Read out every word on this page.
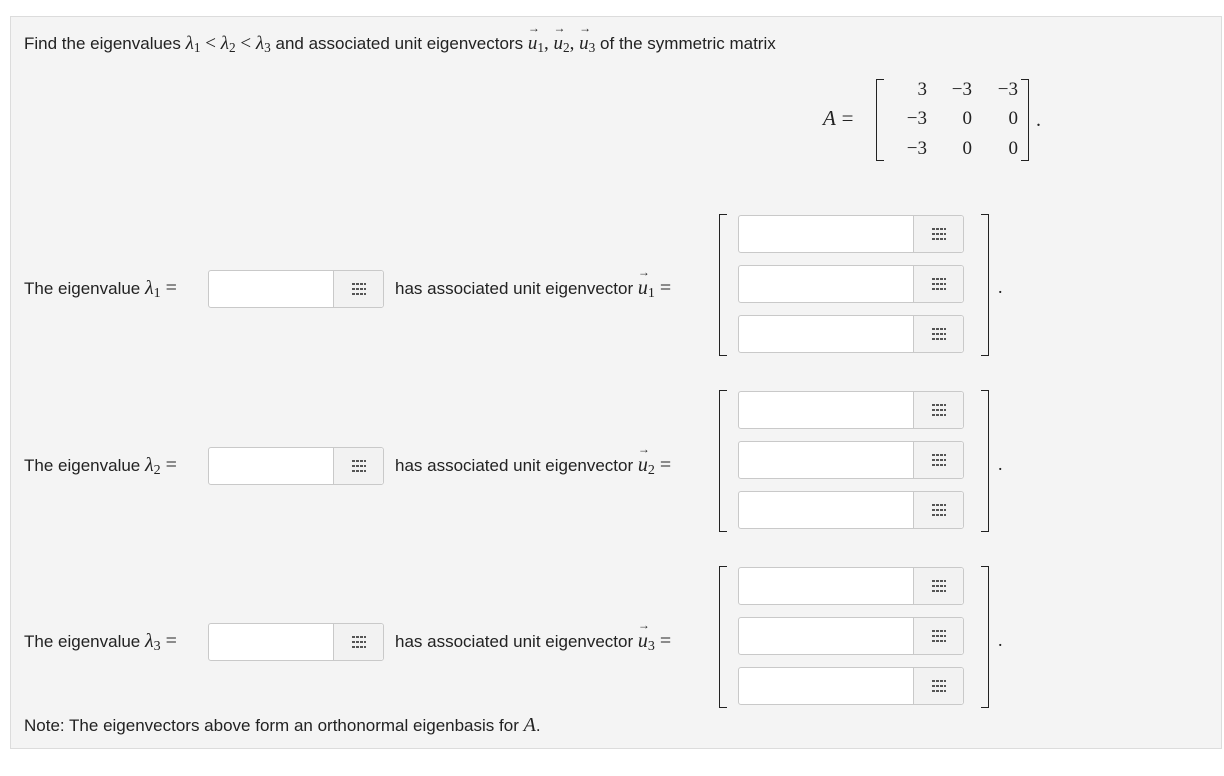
Find the eigenvalues $\lambda_1 < \lambda_2 < \lambda_3$ and associated unit eigenvectors → $u_1$, → $u_2$, → $u_3$ of the symmetric matrix
A =
3	−3	−3
−3	0	0
−3	0	0
.
The eigenvalue $\lambda_1$ =	has associated unit eigenvector → $u_1$ =	.
The eigenvalue $\lambda_2$ =	has associated unit eigenvector → $u_2$ =	.
The eigenvalue $\lambda_3$ =	has associated unit eigenvector → $u_3$ =	.
Note: The eigenvectors above form an orthonormal eigenbasis for A.
